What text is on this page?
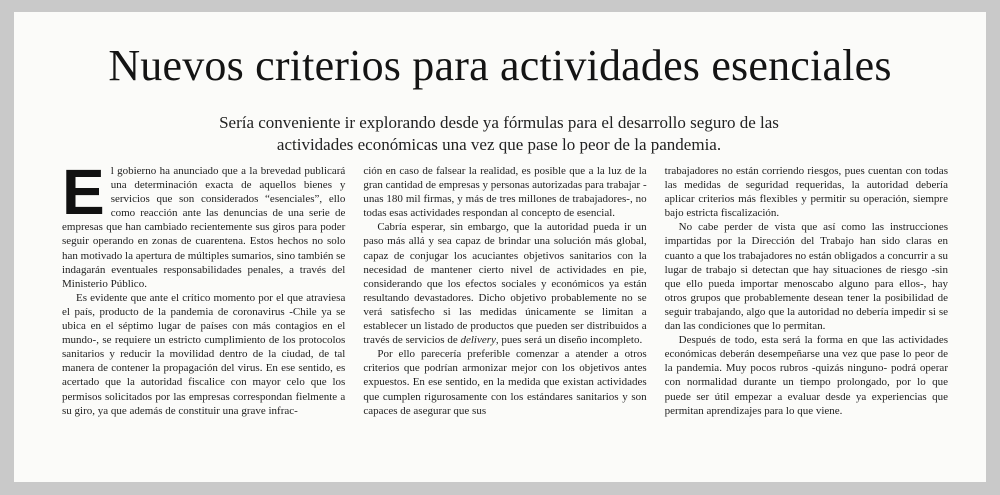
Nuevos criterios para actividades esenciales

Sería conveniente ir explorando desde ya fórmulas para el desarrollo seguro de las
actividades económicas una vez que pase lo peor de la pandemia.

El gobierno ha anunciado que a la brevedad publicará una determinación exacta de aquellos bienes y servicios que son considerados “esenciales”, ello como reacción ante las denuncias de una serie de empresas que han cambiado recientemente sus giros para poder seguir operando en zonas de cuarentena. Estos hechos no solo han motivado la apertura de múltiples sumarios, sino también se indagarán eventuales responsabilidades penales, a través del Ministerio Público.

Es evidente que ante el crítico momento por el que atraviesa el país, producto de la pandemia de coronavirus -Chile ya se ubica en el séptimo lugar de países con más contagios en el mundo-, se requiere un estricto cumplimiento de los protocolos sanitarios y reducir la movilidad dentro de la ciudad, de tal manera de contener la propagación del virus. En ese sentido, es acertado que la autoridad fiscalice con mayor celo que los permisos solicitados por las empresas correspondan fielmente a su giro, ya que además de constituir una grave infrac-

ción en caso de falsear la realidad, es posible que a la luz de la gran cantidad de empresas y personas autorizadas para trabajar -unas 180 mil firmas, y más de tres millones de trabajadores-, no todas esas actividades respondan al concepto de esencial.

Cabría esperar, sin embargo, que la autoridad pueda ir un paso más allá y sea capaz de brindar una solución más global, capaz de conjugar los acuciantes objetivos sanitarios con la necesidad de mantener cierto nivel de actividades en pie, considerando que los efectos sociales y económicos ya están resultando devastadores. Dicho objetivo probablemente no se verá satisfecho si las medidas únicamente se limitan a establecer un listado de productos que pueden ser distribuidos a través de servicios de delivery, pues será un diseño incompleto.

Por ello parecería preferible comenzar a atender a otros criterios que podrían armonizar mejor con los objetivos antes expuestos. En ese sentido, en la medida que existan actividades que cumplen rigurosamente con los estándares sanitarios y son capaces de asegurar que sus

trabajadores no están corriendo riesgos, pues cuentan con todas las medidas de seguridad requeridas, la autoridad debería aplicar criterios más flexibles y permitir su operación, siempre bajo estricta fiscalización.

No cabe perder de vista que así como las instrucciones impartidas por la Dirección del Trabajo han sido claras en cuanto a que los trabajadores no están obligados a concurrir a su lugar de trabajo si detectan que hay situaciones de riesgo -sin que ello pueda importar menoscabo alguno para ellos-, hay otros grupos que probablemente desean tener la posibilidad de seguir trabajando, algo que la autoridad no debería impedir si se dan las condiciones que lo permitan.

Después de todo, esta será la forma en que las actividades económicas deberán desempeñarse una vez que pase lo peor de la pandemia. Muy pocos rubros -quizás ninguno- podrá operar con normalidad durante un tiempo prolongado, por lo que puede ser útil empezar a evaluar desde ya experiencias que permitan aprendizajes para lo que viene.
